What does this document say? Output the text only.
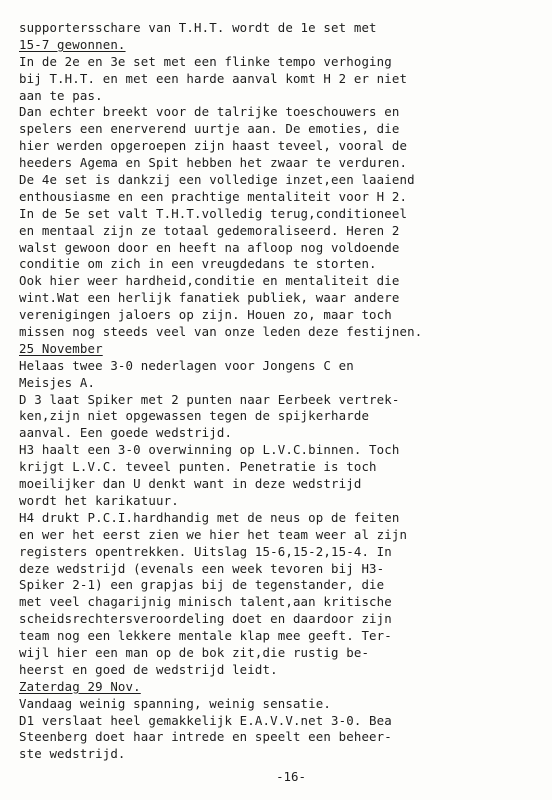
supportersschare van T.H.T. wordt de 1e set met
15-7 gewonnen.
In de 2e en 3e set met een flinke tempo verhoging
bij T.H.T. en met een harde aanval komt H 2 er niet
aan te pas.
Dan echter breekt voor de talrijke toeschouwers en
spelers een enerverend uurtje aan. De emoties, die
hier werden opgeroepen zijn haast teveel, vooral de
heeders Agema en Spit hebben het zwaar te verduren.
De 4e set is dankzij een volledige inzet,een laaiend
enthousiasme en een prachtige mentaliteit voor H 2.
In de 5e set valt T.H.T.volledig terug,conditioneel
en mentaal zijn ze totaal gedemoraliseerd. Heren 2
walst gewoon door en heeft na afloop nog voldoende
conditie om zich in een vreugdedans te storten.
Ook hier weer hardheid,conditie en mentaliteit die
wint.Wat een herlijk fanatiek publiek, waar andere
verenigingen jaloers op zijn. Houen zo, maar toch
missen nog steeds veel van onze leden deze festijnen.
25 November
Helaas twee 3-0 nederlagen voor Jongens C en
Meisjes A.
D 3 laat Spiker met 2 punten naar Eerbeek vertrek-
ken,zijn niet opgewassen tegen de spijkerharde
aanval. Een goede wedstrijd.
H3 haalt een 3-0 overwinning op L.V.C.binnen. Toch
krijgt L.V.C. teveel punten. Penetratie is toch
moeilijker dan U denkt want in deze wedstrijd
wordt het karikatuur.
H4 drukt P.C.I.hardhandig met de neus op de feiten
en wer het eerst zien we hier het team weer al zijn
registers opentrekken. Uitslag 15-6,15-2,15-4. In
deze wedstrijd (evenals een week tevoren bij H3-
Spiker 2-1) een grapjas bij de tegenstander, die
met veel chagarijnig minisch talent,aan kritische
scheidsrechtersveroordeling doet en daardoor zijn
team nog een lekkere mentale klap mee geeft. Ter-
wijl hier een man op de bok zit,die rustig be-
heerst en goed de wedstrijd leidt.
Zaterdag 29 Nov.
Vandaag weinig spanning, weinig sensatie.
D1 verslaat heel gemakkelijk E.A.V.V.net 3-0. Bea
Steenberg doet haar intrede en speelt een beheer-
ste wedstrijd.
-16-
